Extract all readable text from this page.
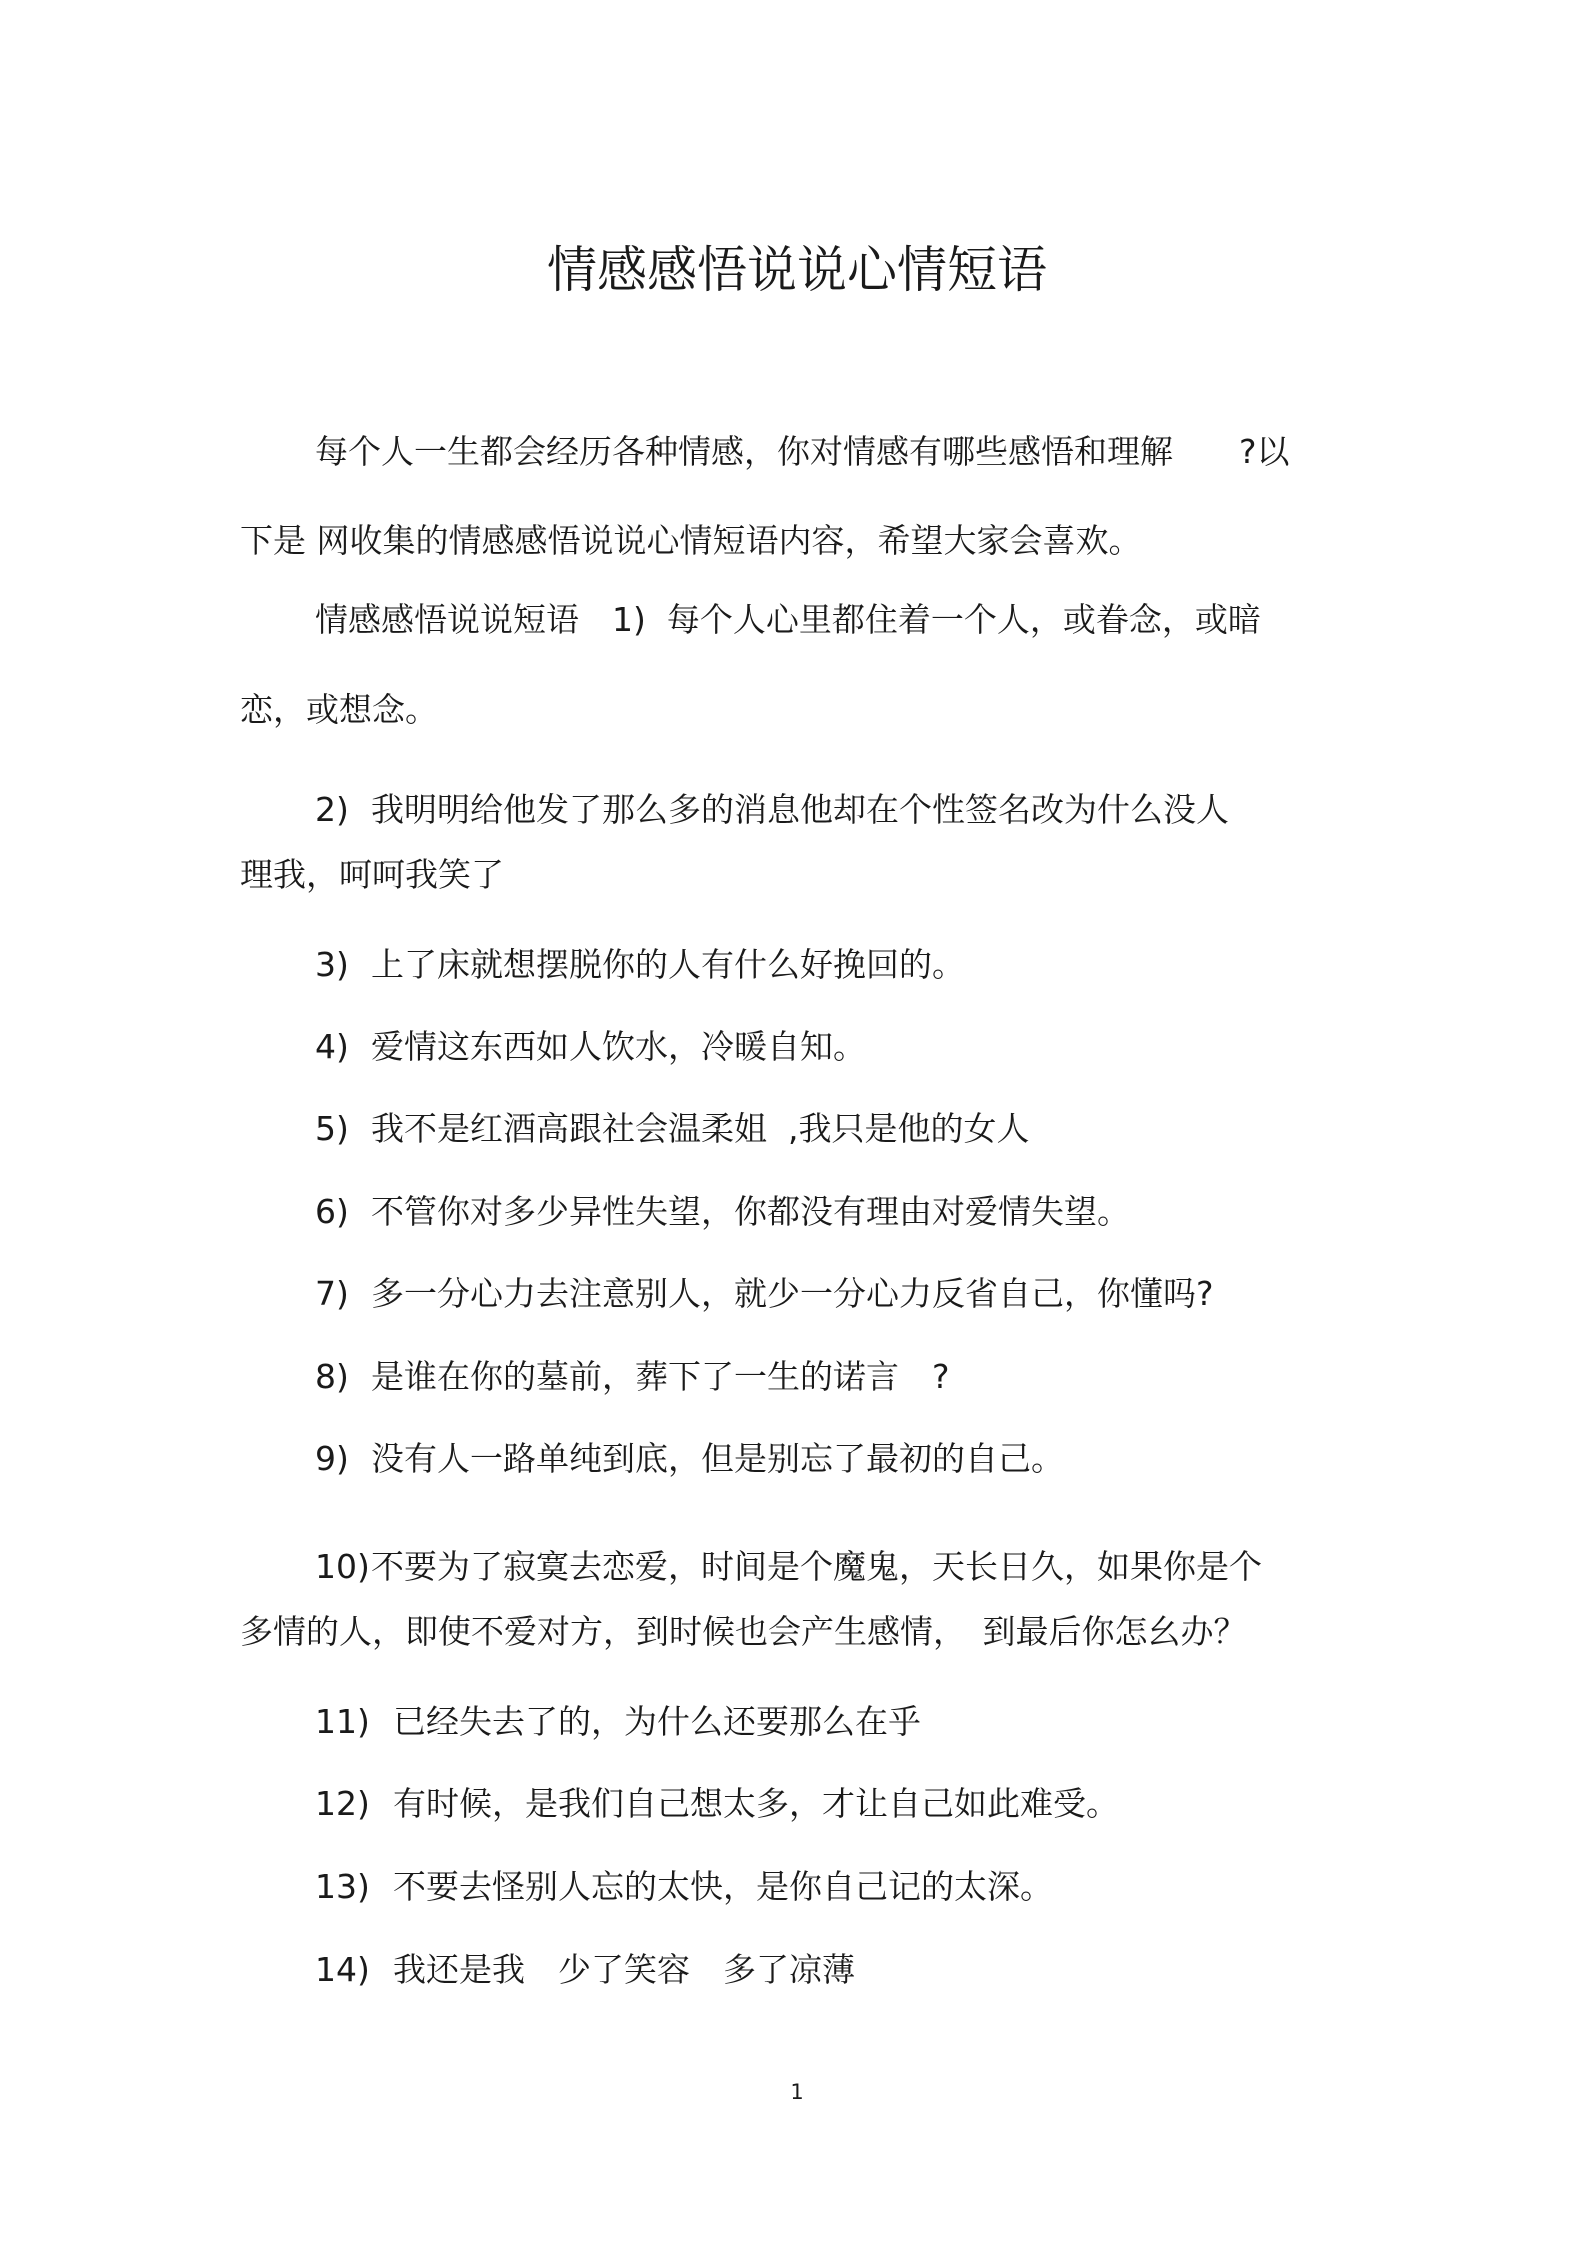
情感感悟说说心情短语
每个人一生都会经历各种情感，你对情感有哪些感悟和理解　　?以
下是 网收集的情感感悟说说心情短语内容，希望大家会喜欢。
情感感悟说说短语　1)  每个人心里都住着一个人，或眷念，或暗
恋，或想念。
2) 我明明给他发了那么多的消息他却在个性签名改为什么没人
理我，呵呵我笑了
3) 上了床就想摆脱你的人有什么好挽回的。
4) 爱情这东西如人饮水，冷暖自知。
5) 我不是红酒高跟社会温柔姐  ,我只是他的女人
6) 不管你对多少异性失望，你都没有理由对爱情失望。
7) 多一分心力去注意别人，就少一分心力反省自己，你懂吗?
8) 是谁在你的墓前，葬下了一生的诺言　?
9) 没有人一路单纯到底，但是别忘了最初的自己。
10)不要为了寂寞去恋爱，时间是个魔鬼，天长日久，如果你是个
多情的人，即使不爱对方，到时候也会产生感情，　到最后你怎幺办？
11) 已经失去了的，为什么还要那么在乎
12) 有时候，是我们自己想太多，才让自己如此难受。
13) 不要去怪别人忘的太快，是你自己记的太深。
14) 我还是我　少了笑容　多了凉薄
1
